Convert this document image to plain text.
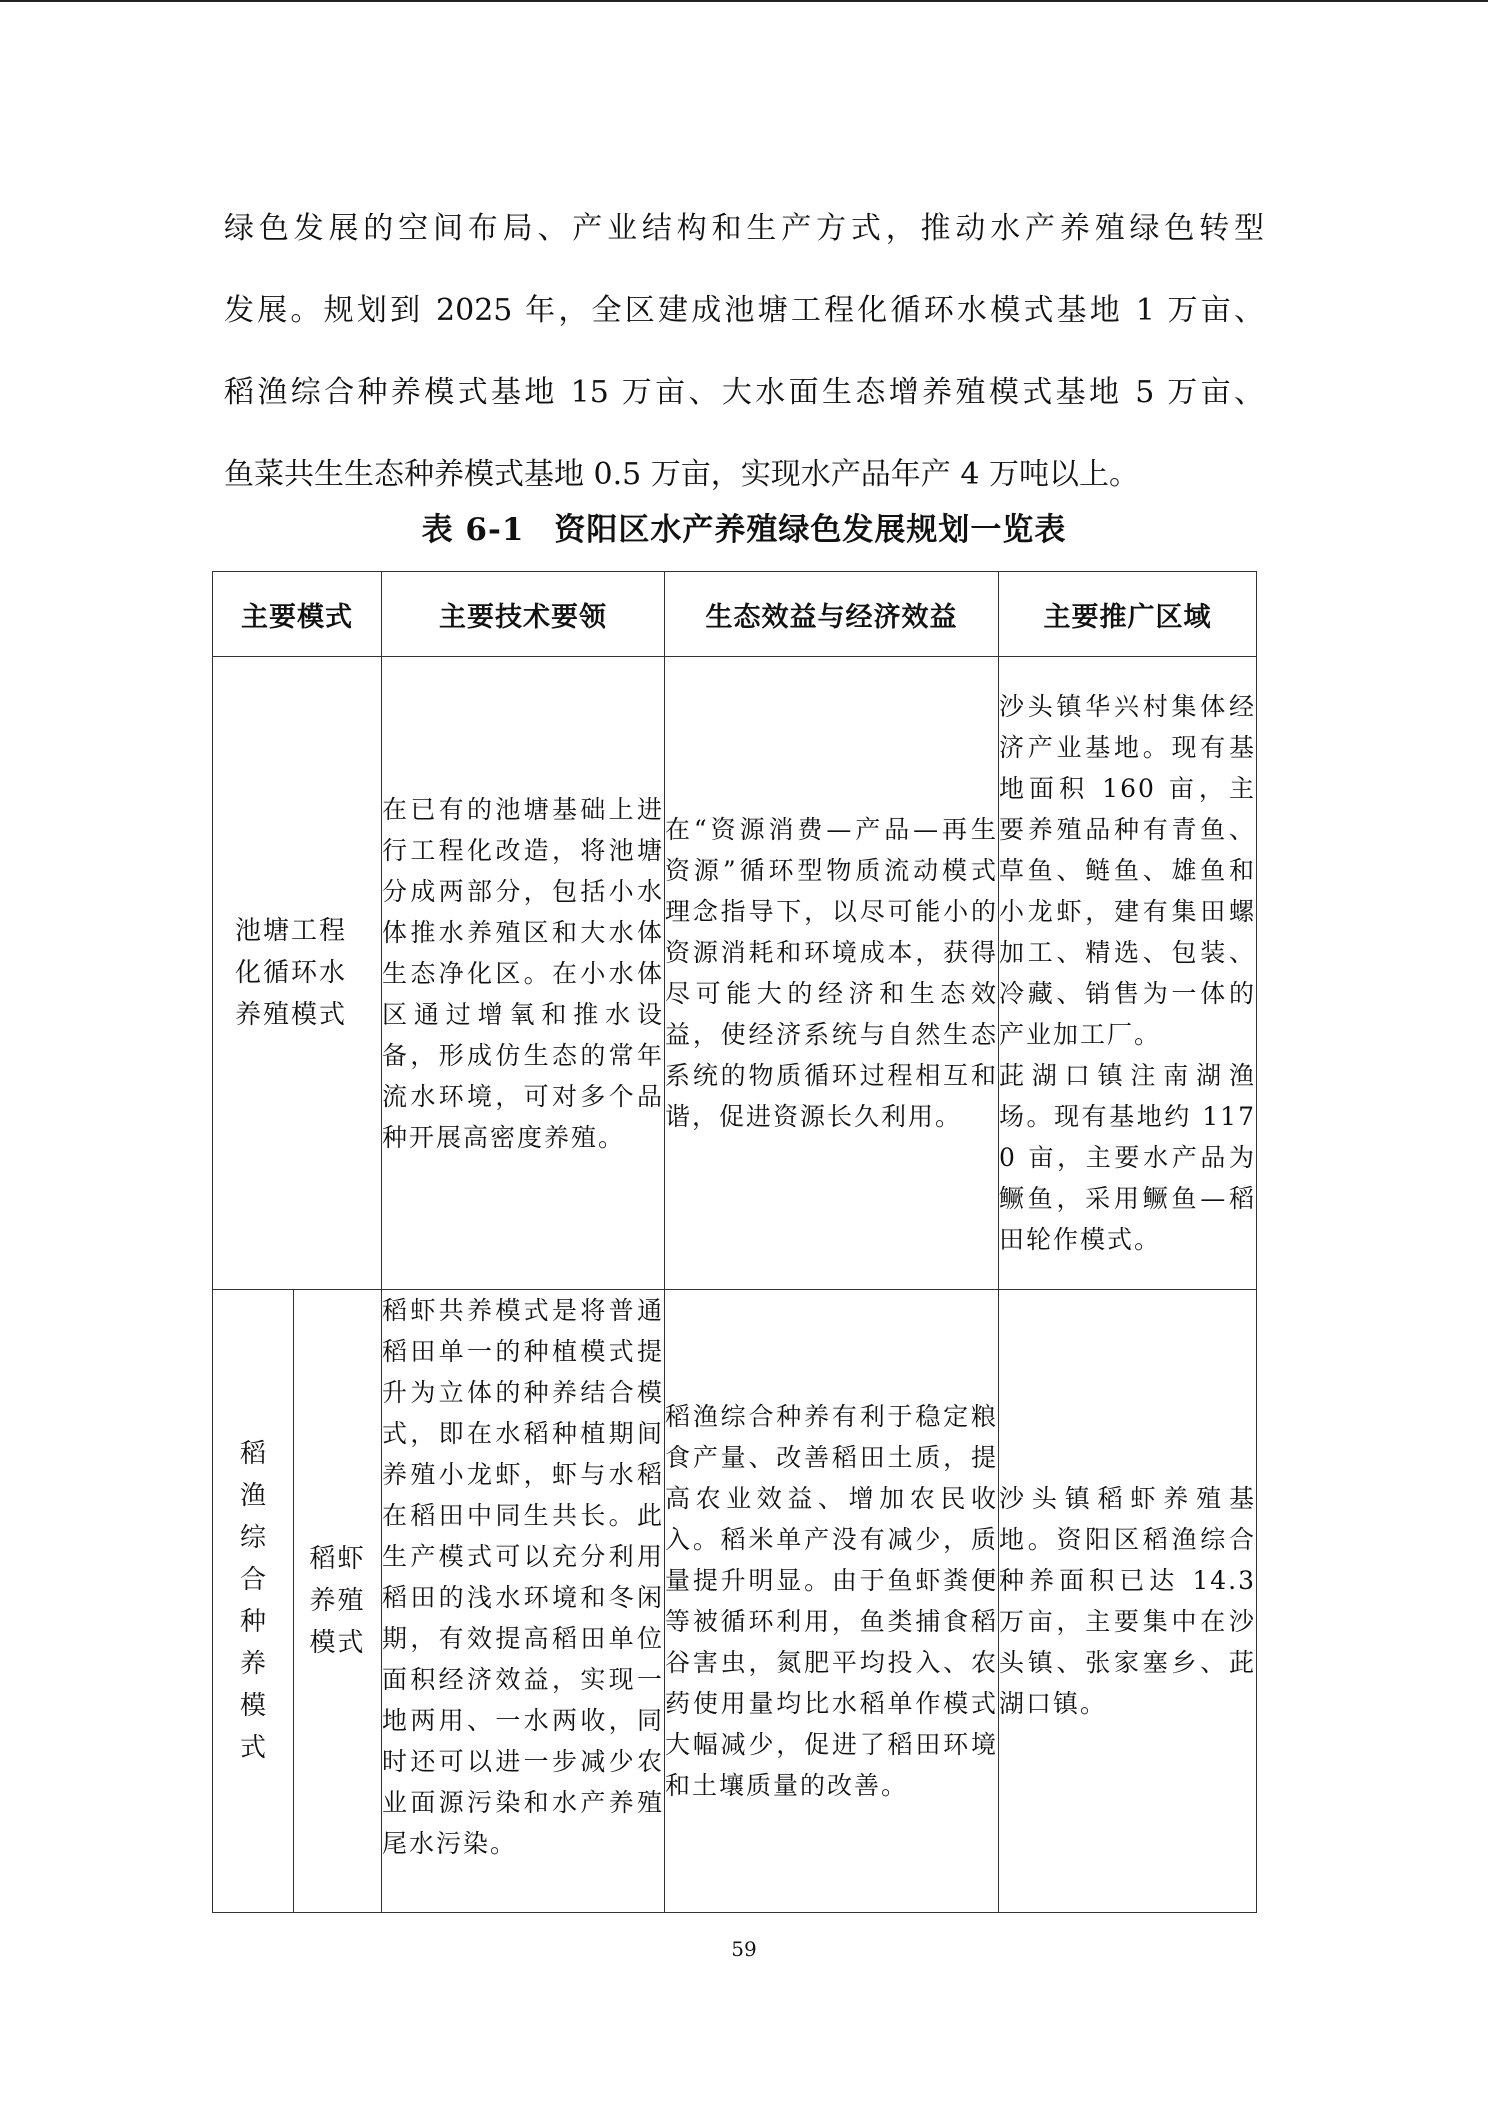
绿色发展的空间布局、产业结构和生产方式，推动水产养殖绿色转型
发展。规划到 2025 年，全区建成池塘工程化循环水模式基地 1 万亩、
稻渔综合种养模式基地 15 万亩、大水面生态增养殖模式基地 5 万亩、
鱼菜共生生态种养模式基地 0.5 万亩，实现水产品年产 4 万吨以上。
表 6-1 资阳区水产养殖绿色发展规划一览表
主要模式		主要技术要领	生态效益与经济效益	主要推广区域

池塘工程化循环水养殖模式		在已有的池塘基础上进行工程化改造，将池塘分成两部分，包括小水体推水养殖区和大水体生态净化区。在小水体区通过增氧和推水设备，形成仿生态的常年流水环境，可对多个品种开展高密度养殖。	在“资源消费—产品—再生资源”循环型物质流动模式理念指导下，以尽可能小的资源消耗和环境成本，获得尽可能大的经济和生态效益，使经济系统与自然生态系统的物质循环过程相互和谐，促进资源长久利用。	沙头镇华兴村集体经济产业基地。现有基地面积 160 亩，主要养殖品种有青鱼、草鱼、鲢鱼、雄鱼和小龙虾，建有集田螺加工、精选、包装、冷藏、销售为一体的产业加工厂。
茈湖口镇注南湖渔场。现有基地约 1170 亩，主要水产品为鳜鱼，采用鳜鱼—稻田轮作模式。

稻渔综合种养模式	稻虾养殖模式	稻虾共养模式是将普通稻田单一的种植模式提升为立体的种养结合模式，即在水稻种植期间养殖小龙虾，虾与水稻在稻田中同生共长。此生产模式可以充分利用稻田的浅水环境和冬闲期，有效提高稻田单位面积经济效益，实现一地两用、一水两收，同时还可以进一步减少农业面源污染和水产养殖尾水污染。	稻渔综合种养有利于稳定粮食产量、改善稻田土质，提高农业效益、增加农民收入。稻米单产没有减少，质量提升明显。由于鱼虾粪便等被循环利用，鱼类捕食稻谷害虫，氮肥平均投入、农药使用量均比水稻单作模式大幅减少，促进了稻田环境和土壤质量的改善。	沙头镇稻虾养殖基地。资阳区稻渔综合种养面积已达 14.3 万亩，主要集中在沙头镇、张家塞乡、茈湖口镇。
59
